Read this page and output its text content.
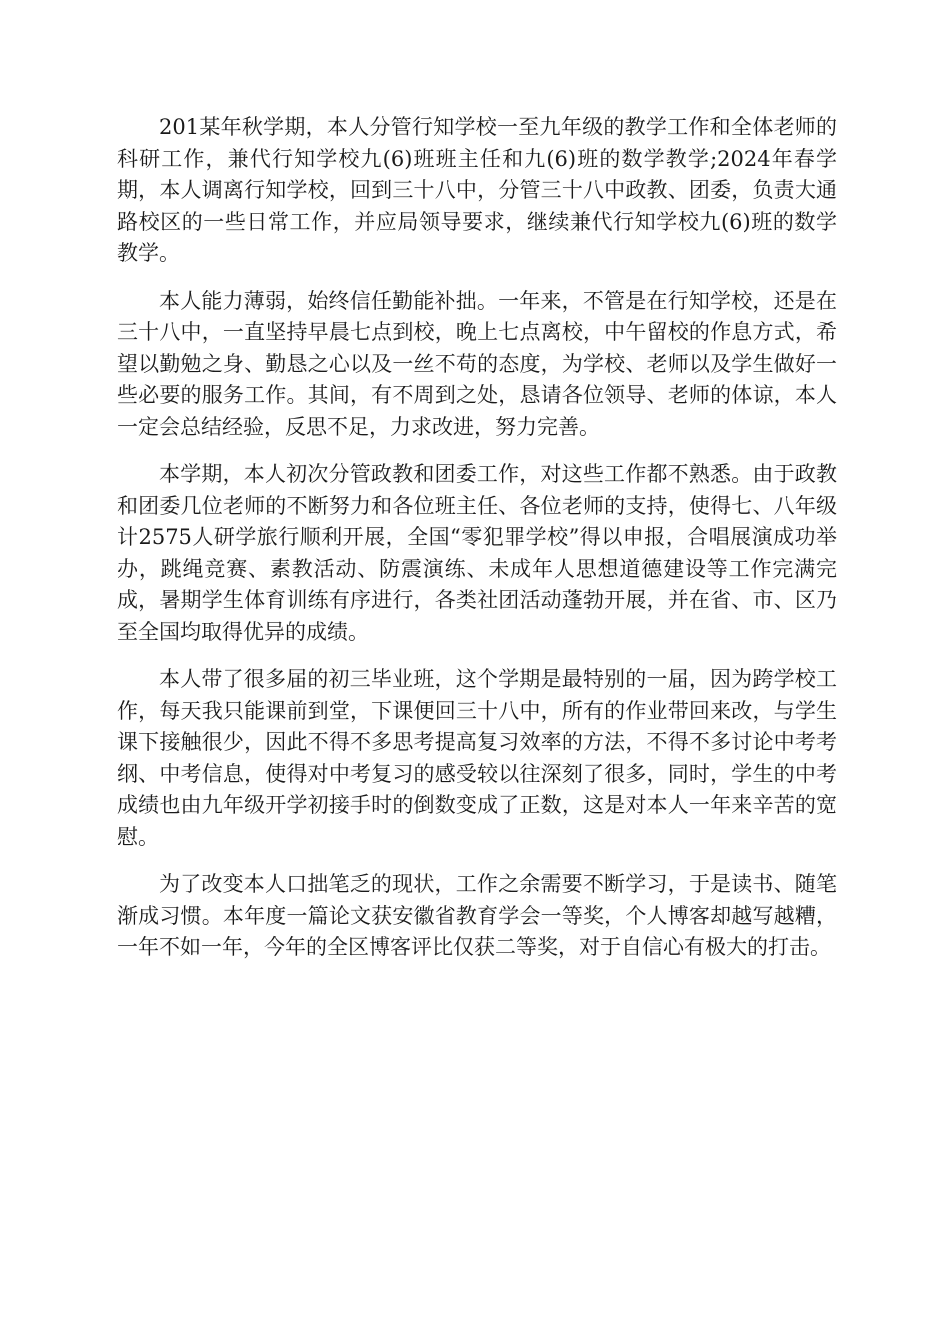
201某年秋学期，本人分管行知学校一至九年级的教学工作和全体老师的科研工作，兼代行知学校九(6)班班主任和九(6)班的数学教学;2024年春学期，本人调离行知学校，回到三十八中，分管三十八中政教、团委，负责大通路校区的一些日常工作，并应局领导要求，继续兼代行知学校九(6)班的数学教学。

本人能力薄弱，始终信任勤能补拙。一年来，不管是在行知学校，还是在三十八中，一直坚持早晨七点到校，晚上七点离校，中午留校的作息方式，希望以勤勉之身、勤恳之心以及一丝不苟的态度，为学校、老师以及学生做好一些必要的服务工作。其间，有不周到之处，恳请各位领导、老师的体谅，本人一定会总结经验，反思不足，力求改进，努力完善。

本学期，本人初次分管政教和团委工作，对这些工作都不熟悉。由于政教和团委几位老师的不断努力和各位班主任、各位老师的支持，使得七、八年级计2575人研学旅行顺利开展，全国“零犯罪学校”得以申报，合唱展演成功举办，跳绳竞赛、素教活动、防震演练、未成年人思想道德建设等工作完满完成，暑期学生体育训练有序进行，各类社团活动蓬勃开展，并在省、市、区乃至全国均取得优异的成绩。

本人带了很多届的初三毕业班，这个学期是最特别的一届，因为跨学校工作，每天我只能课前到堂，下课便回三十八中，所有的作业带回来改，与学生课下接触很少，因此不得不多思考提高复习效率的方法，不得不多讨论中考考纲、中考信息，使得对中考复习的感受较以往深刻了很多，同时，学生的中考成绩也由九年级开学初接手时的倒数变成了正数，这是对本人一年来辛苦的宽慰。

为了改变本人口拙笔乏的现状，工作之余需要不断学习，于是读书、随笔渐成习惯。本年度一篇论文获安徽省教育学会一等奖，个人博客却越写越糟，一年不如一年，今年的全区博客评比仅获二等奖，对于自信心有极大的打击。
